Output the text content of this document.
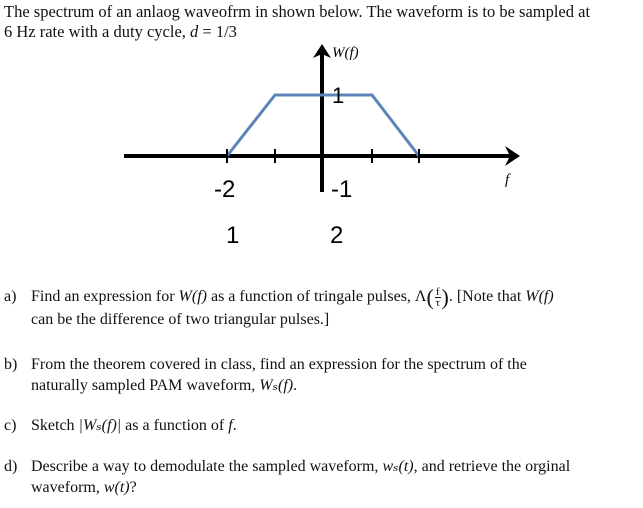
The spectrum of an anlaog waveofrm in shown below. The waveform is to be sampled at
6 Hz rate with a duty cycle, d = 1/3
W(f)
1
f
-2	-1
1	2
a) Find an expression for W(f) as a function of tringale pulses, $\Lambda( \frac{f}{\tau}$ ). [Note that W(f)
can be the difference of two triangular pulses.]
b) From the theorem covered in class, find an expression for the spectrum of the
naturally sampled PAM waveform, Wₛ(f).
c) Sketch |Wₛ(f)| as a function of f.
d) Describe a way to demodulate the sampled waveform, wₛ(t), and retrieve the orginal
waveform, w(t)?
